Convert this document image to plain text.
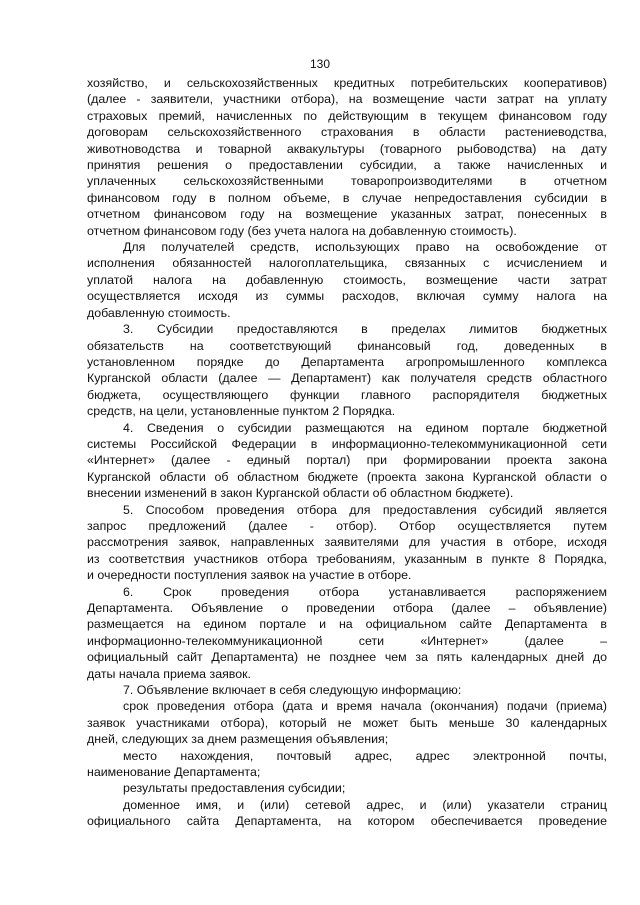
130

хозяйство, и сельскохозяйственных кредитных потребительских кооперативов)

(далее - заявители, участники отбора), на возмещение части затрат на уплату

страховых премий, начисленных по действующим в текущем финансовом году

договорам сельскохозяйственного страхования в области растениеводства,

животноводства и товарной аквакультуры (товарного рыбоводства) на дату

принятия решения о предоставлении субсидии, а также начисленных и

уплаченных сельскохозяйственными товаропроизводителями в отчетном

финансовом году в полном объеме, в случае непредоставления субсидии в

отчетном финансовом году на возмещение указанных затрат, понесенных в

отчетном финансовом году (без учета налога на добавленную стоимость).

Для получателей средств, использующих право на освобождение от

исполнения обязанностей налогоплательщика, связанных с исчислением и

уплатой налога на добавленную стоимость, возмещение части затрат

осуществляется исходя из суммы расходов, включая сумму налога на

добавленную стоимость.

3. Субсидии предоставляются в пределах лимитов бюджетных

обязательств на соответствующий финансовый год, доведенных в

установленном порядке до Департамента агропромышленного комплекса

Курганской области (далее — Департамент) как получателя средств областного

бюджета, осуществляющего функции главного распорядителя бюджетных

средств, на цели, установленные пунктом 2 Порядка.

4. Сведения о субсидии размещаются на едином портале бюджетной

системы Российской Федерации в информационно-телекоммуникационной сети

«Интернет» (далее - единый портал) при формировании проекта закона

Курганской области об областном бюджете (проекта закона Курганской области о

внесении изменений в закон Курганской области об областном бюджете).

5. Способом проведения отбора для предоставления субсидий является

запрос предложений (далее - отбор). Отбор осуществляется путем

рассмотрения заявок, направленных заявителями для участия в отборе, исходя

из соответствия участников отбора требованиям, указанным в пункте 8 Порядка,

и очередности поступления заявок на участие в отборе.

6. Срок проведения отбора устанавливается распоряжением

Департамента. Объявление о проведении отбора (далее – объявление)

размещается на едином портале и на официальном сайте Департамента в

информационно-телекоммуникационной сети «Интернет» (далее –

официальный сайт Департамента) не позднее чем за пять календарных дней до

даты начала приема заявок.

7. Объявление включает в себя следующую информацию:

срок проведения отбора (дата и время начала (окончания) подачи (приема)

заявок участниками отбора), который не может быть меньше 30 календарных

дней, следующих за днем размещения объявления;

место нахождения, почтовый адрес, адрес электронной почты,

наименование Департамента;

результаты предоставления субсидии;

доменное имя, и (или) сетевой адрес, и (или) указатели страниц

официального сайта Департамента, на котором обеспечивается проведение
